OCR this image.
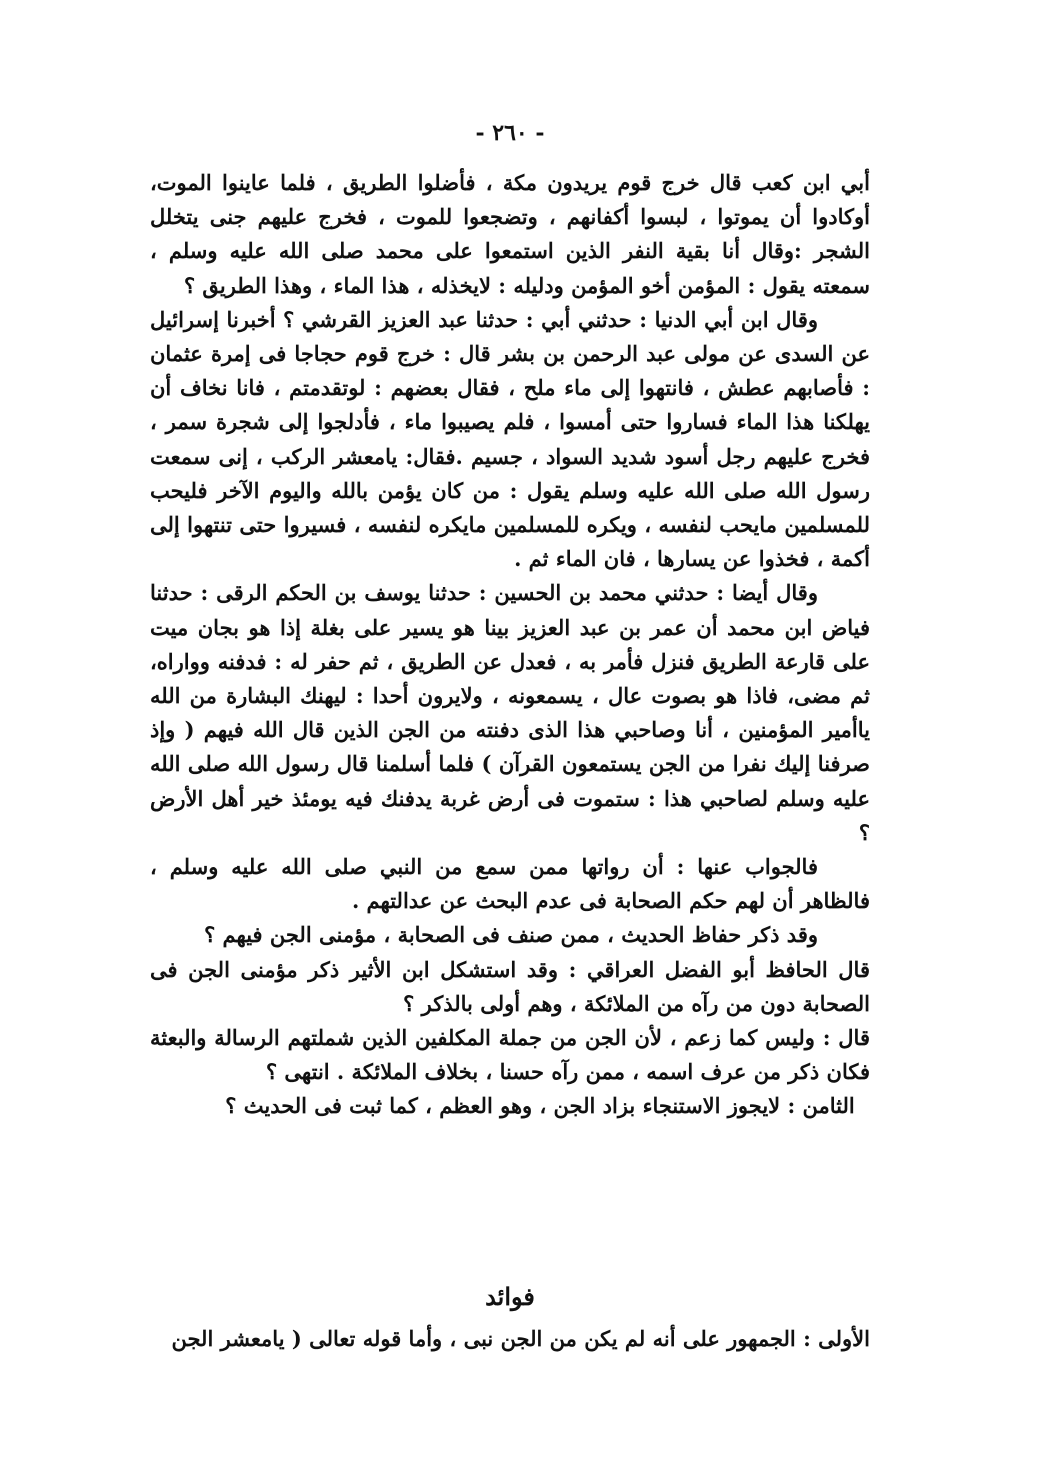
- ٢٦٠ -

أبي ابن كعب قال خرج قوم يريدون مكة ، فأضلوا الطريق ، فلما عاينوا الموت، أوكادوا أن يموتوا ، لبسوا أكفانهم ، وتضجعوا للموت ، فخرج عليهم جنى يتخلل الشجر :وقال أنا بقية النفر الذين استمعوا على محمد صلى الله عليه وسلم ، سمعته يقول : المؤمن أخو المؤمن ودليله : لايخذله ، هذا الماء ، وهذا الطريق ؟

وقال ابن أبي الدنيا : حدثني أبي : حدثنا عبد العزيز القرشي ؟ أخبرنا إسرائيل عن السدى عن مولى عبد الرحمن بن بشر قال : خرج قوم حجاجا فى إمرة عثمان : فأصابهم عطش ، فانتهوا إلى ماء ملح ، فقال بعضهم : لوتقدمتم ، فانا نخاف أن يهلكنا هذا الماء فساروا حتى أمسوا ، فلم يصيبوا ماء ، فأدلجوا إلى شجرة سمر ، فخرج عليهم رجل أسود شديد السواد ، جسيم .فقال: يامعشر الركب ، إنى سمعت رسول الله صلى الله عليه وسلم يقول : من كان يؤمن بالله واليوم الآخر فليحب للمسلمين مايحب لنفسه ، ويكره للمسلمين مايكره لنفسه ، فسيروا حتى تنتهوا إلى أكمة ، فخذوا عن يسارها ، فان الماء ثم .

وقال أيضا : حدثني محمد بن الحسين : حدثنا يوسف بن الحكم الرقى : حدثنا فياض ابن محمد أن عمر بن عبد العزيز بينا هو يسير على بغلة إذا هو بجان ميت على قارعة الطريق فنزل فأمر به ، فعدل عن الطريق ، ثم حفر له : فدفنه وواراه، ثم مضى، فاذا هو بصوت عال ، يسمعونه ، ولايرون أحدا : ليهنك البشارة من الله ياأمير المؤمنين ، أنا وصاحبي هذا الذى دفنته من الجن الذين قال الله فيهم ( وإذ صرفنا إليك نفرا من الجن يستمعون القرآن ) فلما أسلمنا قال رسول الله صلى الله عليه وسلم لصاحبي هذا : ستموت فى أرض غربة يدفنك فيه يومئذ خير أهل الأرض ؟

فالجواب عنها : أن رواتها ممن سمع من النبي صلى الله عليه وسلم ، فالظاهر أن لهم حكم الصحابة فى عدم البحث عن عدالتهم .

وقد ذكر حفاظ الحديث ، ممن صنف فى الصحابة ، مؤمنى الجن فيهم ؟

قال الحافظ أبو الفضل العراقي : وقد استشكل ابن الأثير ذكر مؤمنى الجن فى الصحابة دون من رآه من الملائكة ، وهم أولى بالذكر ؟

قال : وليس كما زعم ، لأن الجن من جملة المكلفين الذين شملتهم الرسالة والبعثة فكان ذكر من عرف اسمه ، ممن رآه حسنا ، بخلاف الملائكة . انتهى ؟

الثامن : لايجوز الاستنجاء بزاد الجن ، وهو العظم ، كما ثبت فى الحديث ؟

فوائد
الأولى : الجمهور على أنه لم يكن من الجن نبى ، وأما قوله تعالى ( يامعشر الجن
